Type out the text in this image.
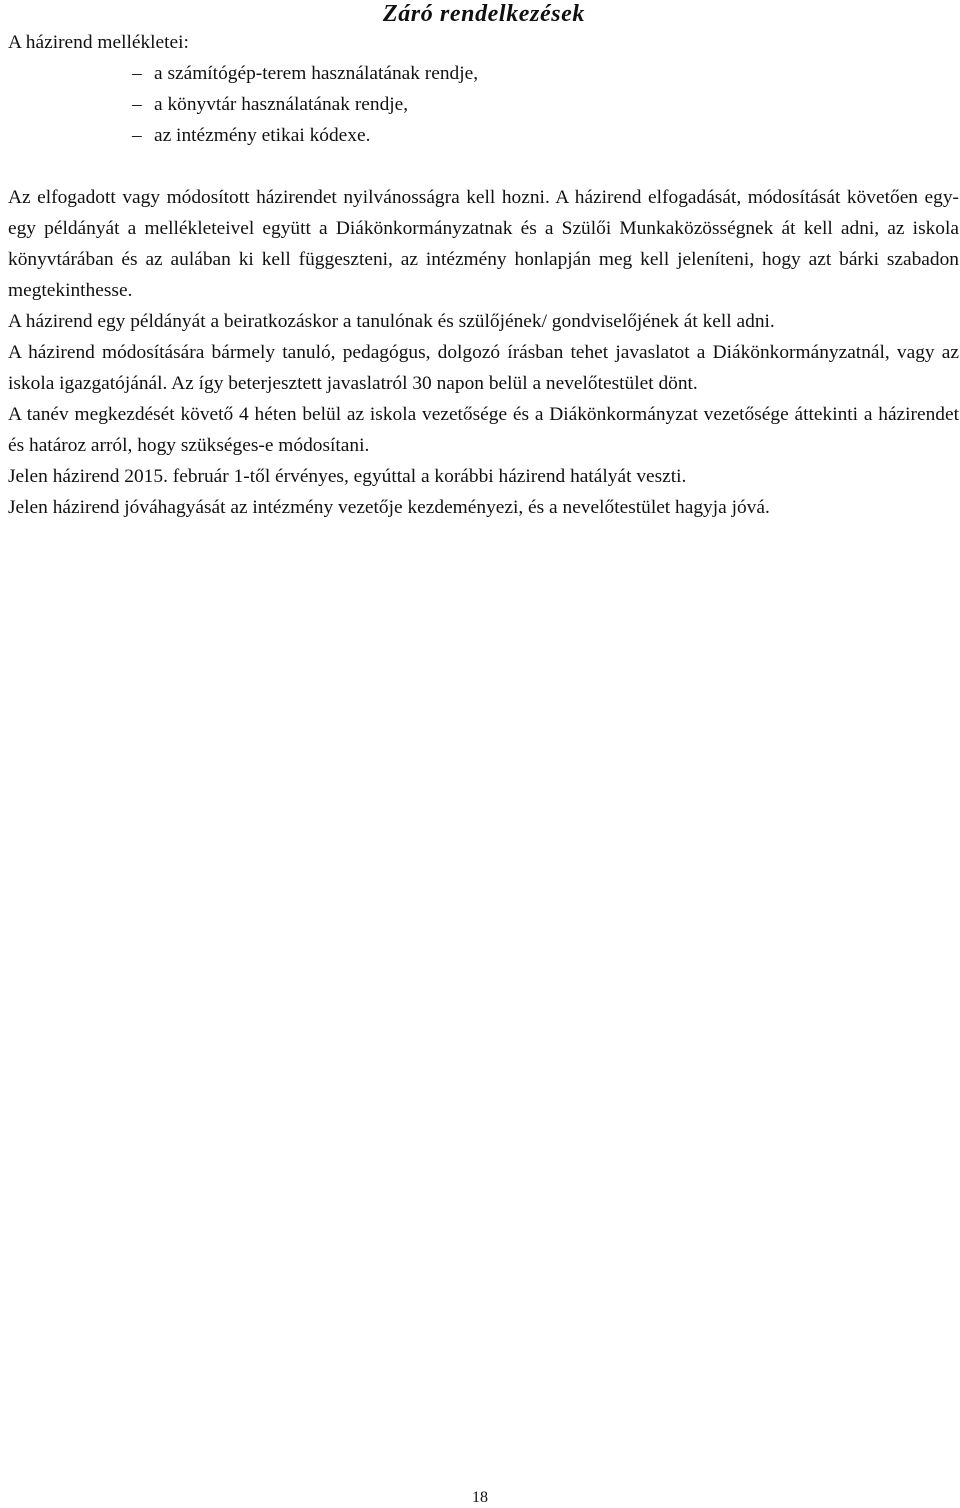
Záró rendelkezések

A házirend mellékletei:

– a számítógép-terem használatának rendje,
– a könyvtár használatának rendje,
– az intézmény etikai kódexe.

Az elfogadott vagy módosított házirendet nyilvánosságra kell hozni. A házirend elfogadását, módosítását követően egy-egy példányát a mellékleteivel együtt a Diákönkormányzatnak és a Szülői Munkaközösségnek át kell adni, az iskola könyvtárában és az aulában ki kell függeszteni, az intézmény honlapján meg kell jeleníteni, hogy azt bárki szabadon megtekinthesse.

A házirend egy példányát a beiratkozáskor a tanulónak és szülőjének/ gondviselőjének át kell adni.

A házirend módosítására bármely tanuló, pedagógus, dolgozó írásban tehet javaslatot a Diákönkormányzatnál, vagy az iskola igazgatójánál. Az így beterjesztett javaslatról 30 napon belül a nevelőtestület dönt.

A tanév megkezdését követő 4 héten belül az iskola vezetősége és a Diákönkormányzat vezetősége áttekinti a házirendet és határoz arról, hogy szükséges-e módosítani.

Jelen házirend 2015. február 1-től érvényes, egyúttal a korábbi házirend hatályát veszti.

Jelen házirend jóváhagyását az intézmény vezetője kezdeményezi, és a nevelőtestület hagyja jóvá.

18
